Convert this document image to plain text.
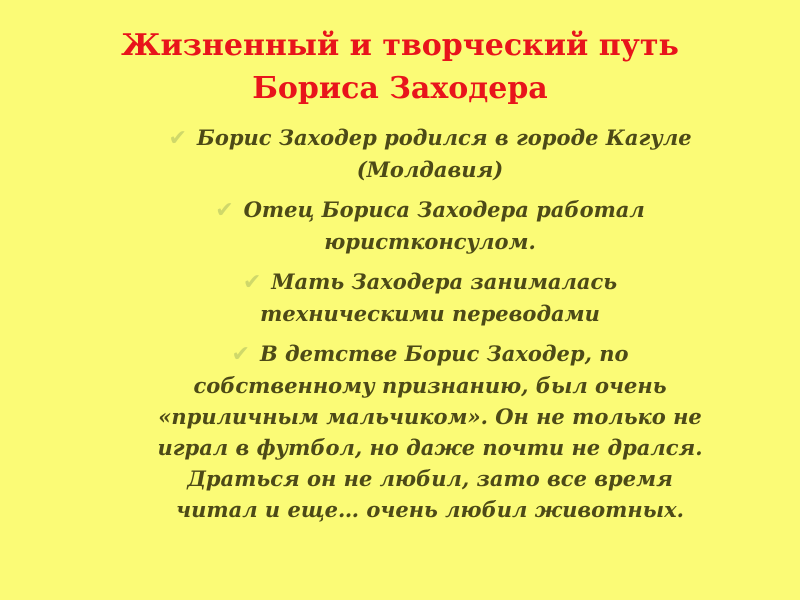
Жизненный и творческий путь
Бориса Заходера
✔ Борис Заходер родился в городе Кагуле
(Молдавия)
✔ Отец Бориса Заходера работал
юристконсулом.
✔ Мать Заходера занималась
техническими переводами
✔ В детстве Борис Заходер, по
собственному признанию, был очень
«приличным мальчиком». Он не только не
играл в футбол, но даже почти не дрался.
Драться он не любил, зато все время
читал и еще… очень любил животных.
